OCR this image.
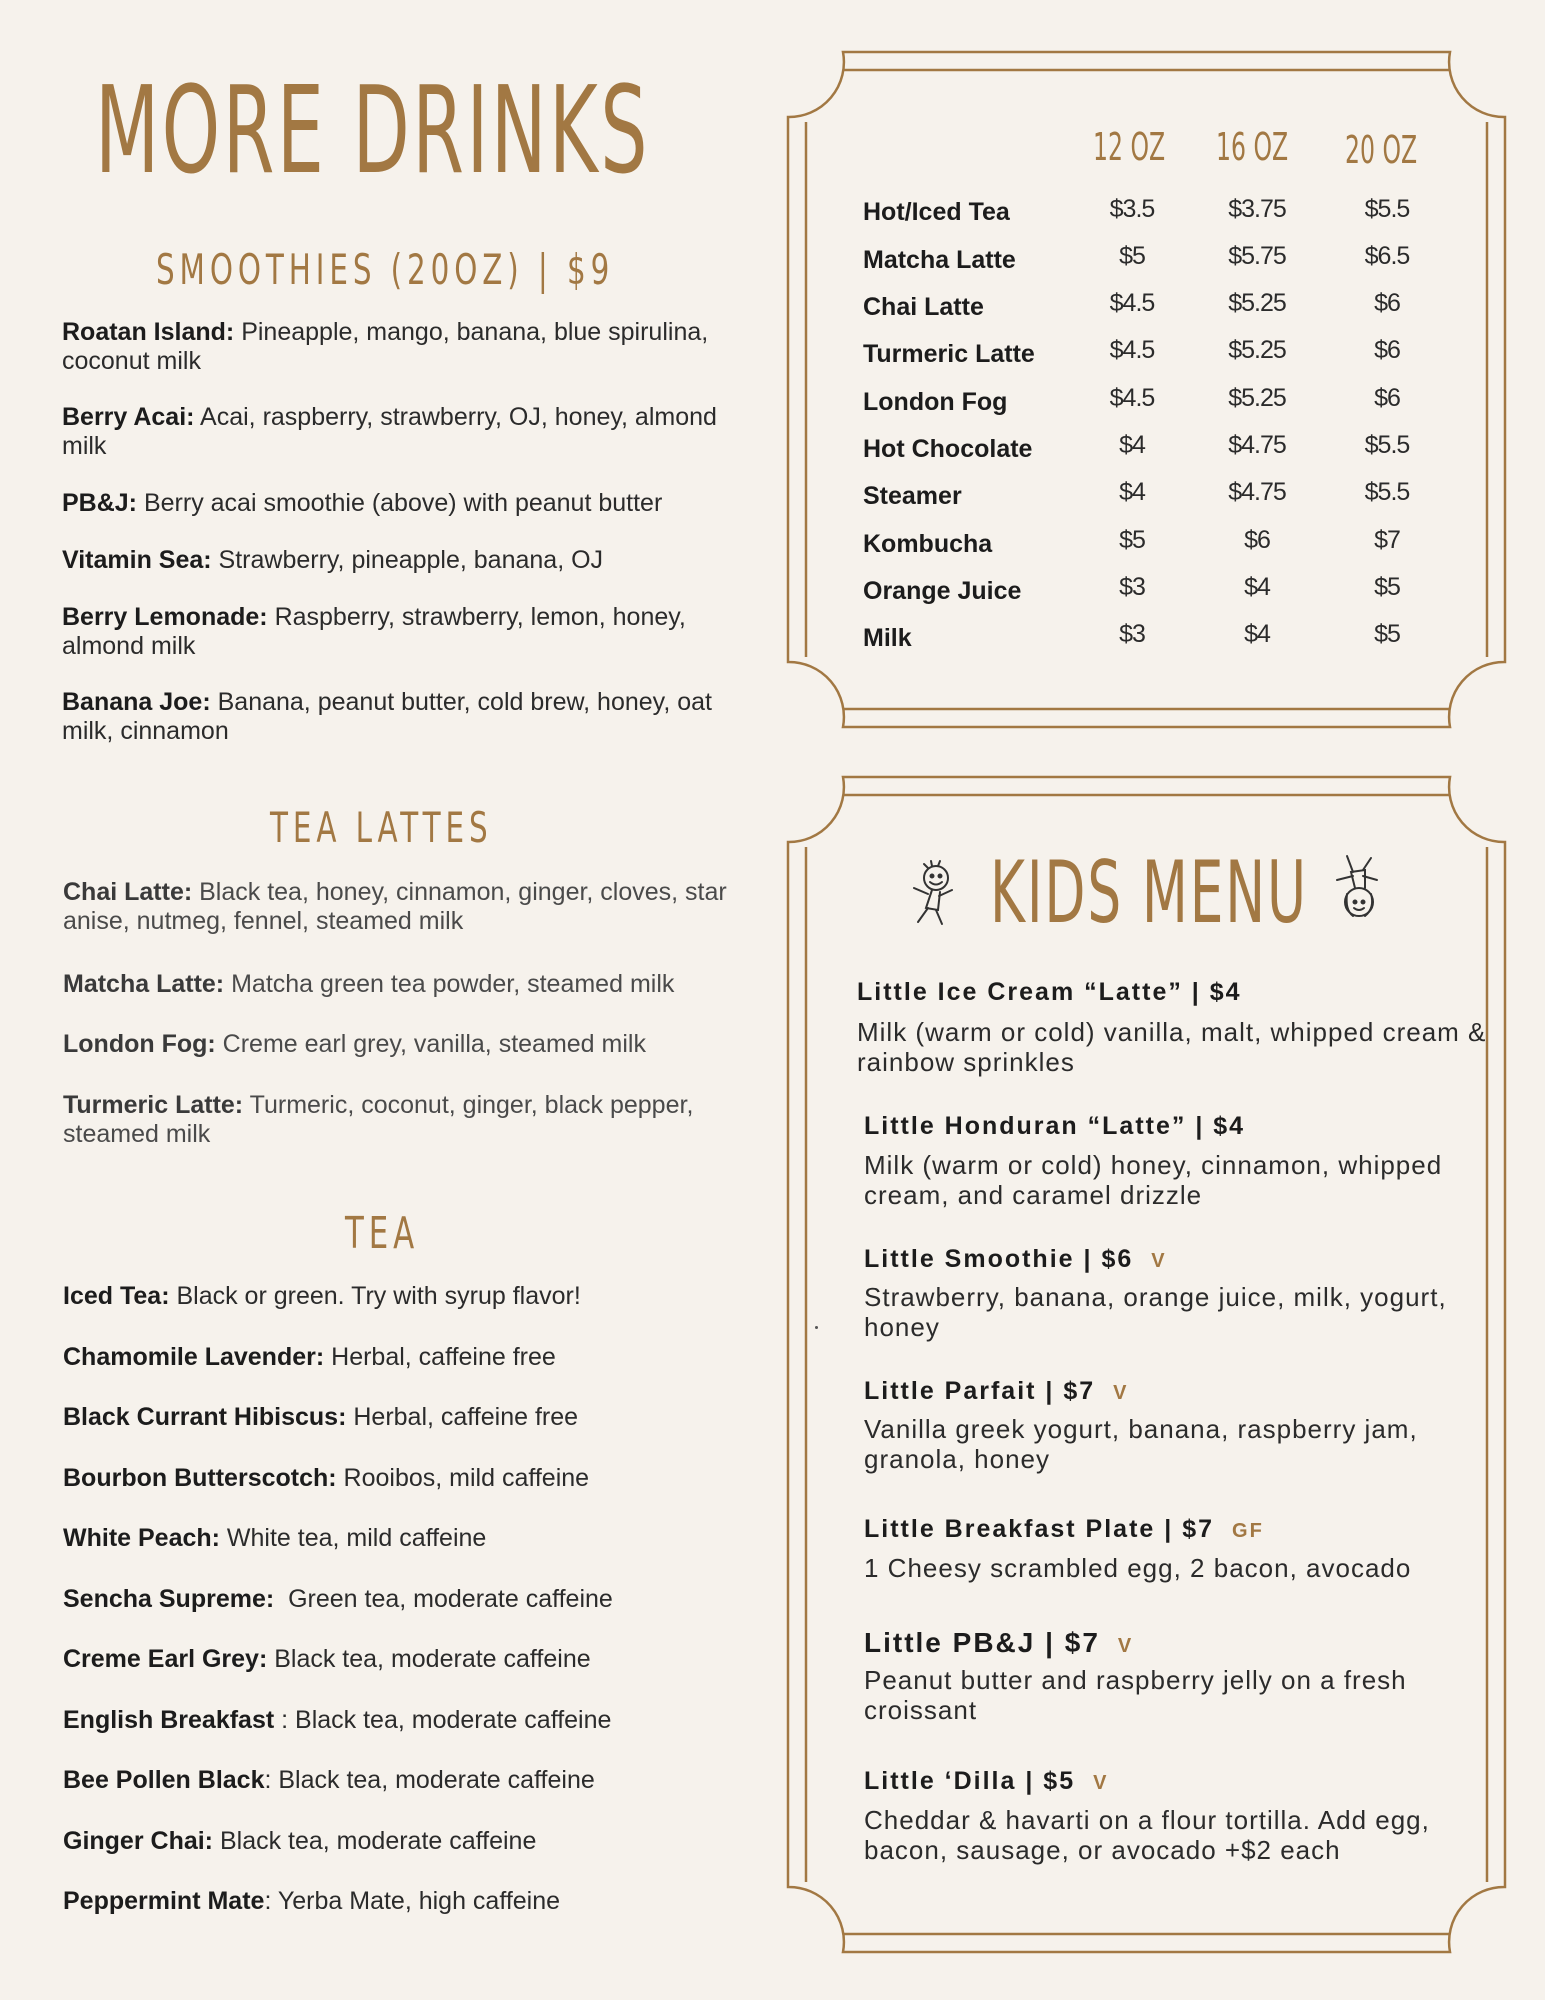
MORE DRINKS
SMOOTHIES (20OZ) | $9
Roatan Island: Pineapple, mango, banana, blue spirulina, coconut milk
Berry Acai: Acai, raspberry, strawberry, OJ, honey, almond milk
PB&J: Berry acai smoothie (above) with peanut butter
Vitamin Sea: Strawberry, pineapple, banana, OJ
Berry Lemonade: Raspberry, strawberry, lemon, honey, almond milk
Banana Joe: Banana, peanut butter, cold brew, honey, oat milk, cinnamon
TEA LATTES
Chai Latte: Black tea, honey, cinnamon, ginger, cloves, star anise, nutmeg, fennel, steamed milk
Matcha Latte: Matcha green tea powder, steamed milk
London Fog: Creme earl grey, vanilla, steamed milk
Turmeric Latte: Turmeric, coconut, ginger, black pepper, steamed milk
TEA
Iced Tea: Black or green. Try with syrup flavor!
Chamomile Lavender: Herbal, caffeine free
Black Currant Hibiscus: Herbal, caffeine free
Bourbon Butterscotch: Rooibos, mild caffeine
White Peach: White tea, mild caffeine
Sencha Supreme:  Green tea, moderate caffeine
Creme Earl Grey: Black tea, moderate caffeine
English Breakfast : Black tea, moderate caffeine
Bee Pollen Black: Black tea, moderate caffeine
Ginger Chai: Black tea, moderate caffeine
Peppermint Mate: Yerba Mate, high caffeine
12 OZ 16 OZ 20 OZ
Hot/Iced Tea	$3.5	$3.75	$5.5
Matcha Latte	$5	$5.75	$6.5
Chai Latte	$4.5	$5.25	$6
Turmeric Latte	$4.5	$5.25	$6
London Fog	$4.5	$5.25	$6
Hot Chocolate	$4	$4.75	$5.5
Steamer	$4	$4.75	$5.5
Kombucha	$5	$6	$7
Orange Juice	$3	$4	$5
Milk	$3	$4	$5
KIDS MENU
Little Ice Cream “Latte” | $4
Milk (warm or cold) vanilla, malt, whipped cream & rainbow sprinkles
Little Honduran “Latte” | $4
Milk (warm or cold) honey, cinnamon, whipped cream, and caramel drizzle
Little Smoothie | $6 V
Strawberry, banana, orange juice, milk, yogurt, honey
Little Parfait | $7 V
Vanilla greek yogurt, banana, raspberry jam, granola, honey
Little Breakfast Plate | $7 GF
1 Cheesy scrambled egg, 2 bacon, avocado
Little PB&J | $7 V
Peanut butter and raspberry jelly on a fresh croissant
Little ‘Dilla | $5 V
Cheddar & havarti on a flour tortilla. Add egg, bacon, sausage, or avocado +$2 each
